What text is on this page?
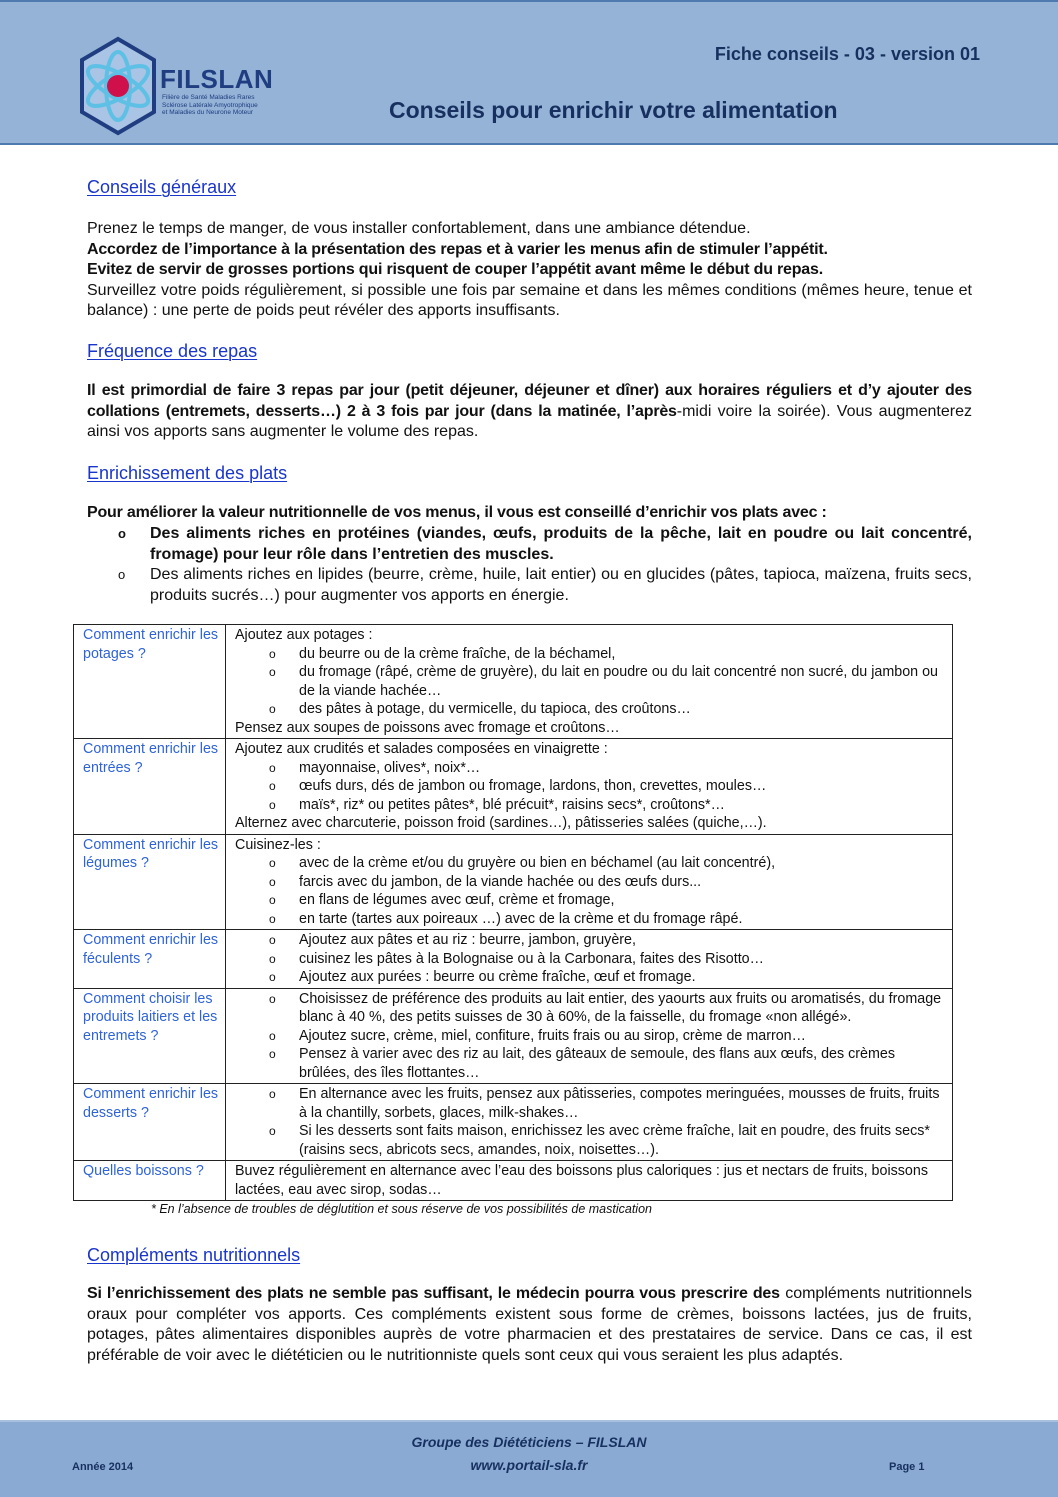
FILSLAN
Filière de Santé Maladies Rares
Sclérose Latérale Amyotrophique
et Maladies du Neurone Moteur
Fiche conseils - 03 - version 01
Conseils pour enrichir votre alimentation
Conseils généraux
Prenez le temps de manger, de vous installer confortablement, dans une ambiance détendue.
Accordez de l’importance à la présentation des repas et à varier les menus afin de stimuler l’appétit.
Evitez de servir de grosses portions qui risquent de couper l’appétit avant même le début du repas.
Surveillez votre poids régulièrement, si possible une fois par semaine et dans les mêmes conditions (mêmes heure, tenue et balance) : une perte de poids peut révéler des apports insuffisants.
Fréquence des repas
Il est primordial de faire 3 repas par jour (petit déjeuner, déjeuner et dîner) aux horaires réguliers et d’y ajouter des collations (entremets, desserts…) 2 à 3 fois par jour (dans la matinée, l’après-midi voire la soirée). Vous augmenterez ainsi vos apports sans augmenter le volume des repas.
Enrichissement des plats
Pour améliorer la valeur nutritionnelle de vos menus, il vous est conseillé d’enrichir vos plats avec :
o Des aliments riches en protéines (viandes, œufs, produits de la pêche, lait en poudre ou lait concentré, fromage) pour leur rôle dans l’entretien des muscles.
o Des aliments riches en lipides (beurre, crème, huile, lait entier) ou en glucides (pâtes, tapioca, maïzena, fruits secs, produits sucrés…) pour augmenter vos apports en énergie.
Comment enrichir les potages ?	
Ajoutez aux potages :
o du beurre ou de la crème fraîche, de la béchamel,
o du fromage (râpé, crème de gruyère), du lait en poudre ou du lait concentré non sucré, du jambon ou de la viande hachée…
o des pâtes à potage, du vermicelle, du tapioca, des croûtons…
Pensez aux soupes de poissons avec fromage et croûtons…

Comment enrichir les entrées ?	
Ajoutez aux crudités et salades composées en vinaigrette :
o mayonnaise, olives*, noix*…
o œufs durs, dés de jambon ou fromage, lardons, thon, crevettes, moules…
o maïs*, riz* ou petites pâtes*, blé précuit*, raisins secs*, croûtons*…
Alternez avec charcuterie, poisson froid (sardines…), pâtisseries salées (quiche,…).

Comment enrichir les légumes ?	
Cuisinez-les :
o avec de la crème et/ou du gruyère ou bien en béchamel (au lait concentré),
o farcis avec du jambon, de la viande hachée ou des œufs durs...
o en flans de légumes avec œuf, crème et fromage,
o en tarte (tartes aux poireaux …) avec de la crème et du fromage râpé.

Comment enrichir les féculents ?	
o Ajoutez aux pâtes et au riz : beurre, jambon, gruyère,
o cuisinez les pâtes à la Bolognaise ou à la Carbonara, faites des Risotto…
o Ajoutez aux purées : beurre ou crème fraîche, œuf et fromage.

Comment choisir les produits laitiers et les entremets ?	
o Choisissez de préférence des produits au lait entier, des yaourts aux fruits ou aromatisés, du fromage blanc à 40 %, des petits suisses de 30 à 60%, de la faisselle, du fromage «non allégé».
o Ajoutez sucre, crème, miel, confiture, fruits frais ou au sirop, crème de marron…
o Pensez à varier avec des riz au lait, des gâteaux de semoule, des flans aux œufs, des crèmes brûlées, des îles flottantes…

Comment enrichir les desserts ?	o En alternance avec les fruits, pensez aux pâtisseries, compotes meringuées, mousses de fruits, fruits à la chantilly, sorbets, glaces, milk-shakes…
o Si les desserts sont faits maison, enrichissez les avec crème fraîche, lait en poudre, des fruits secs* (raisins secs, abricots secs, amandes, noix, noisettes…).

Quelles boissons ?	Buvez régulièrement en alternance avec l’eau des boissons plus caloriques : jus et nectars de fruits, boissons lactées, eau avec sirop, sodas…
* En l’absence de troubles de déglutition et sous réserve de vos possibilités de mastication
Compléments nutritionnels
Si l’enrichissement des plats ne semble pas suffisant, le médecin pourra vous prescrire des compléments nutritionnels oraux pour compléter vos apports. Ces compléments existent sous forme de crèmes, boissons lactées, jus de fruits, potages, pâtes alimentaires disponibles auprès de votre pharmacien et des prestataires de service. Dans ce cas, il est préférable de voir avec le diététicien ou le nutritionniste quels sont ceux qui vous seraient les plus adaptés.
Groupe des Diététiciens – FILSLAN
www.portail-sla.fr
Année 2014	Page 1
